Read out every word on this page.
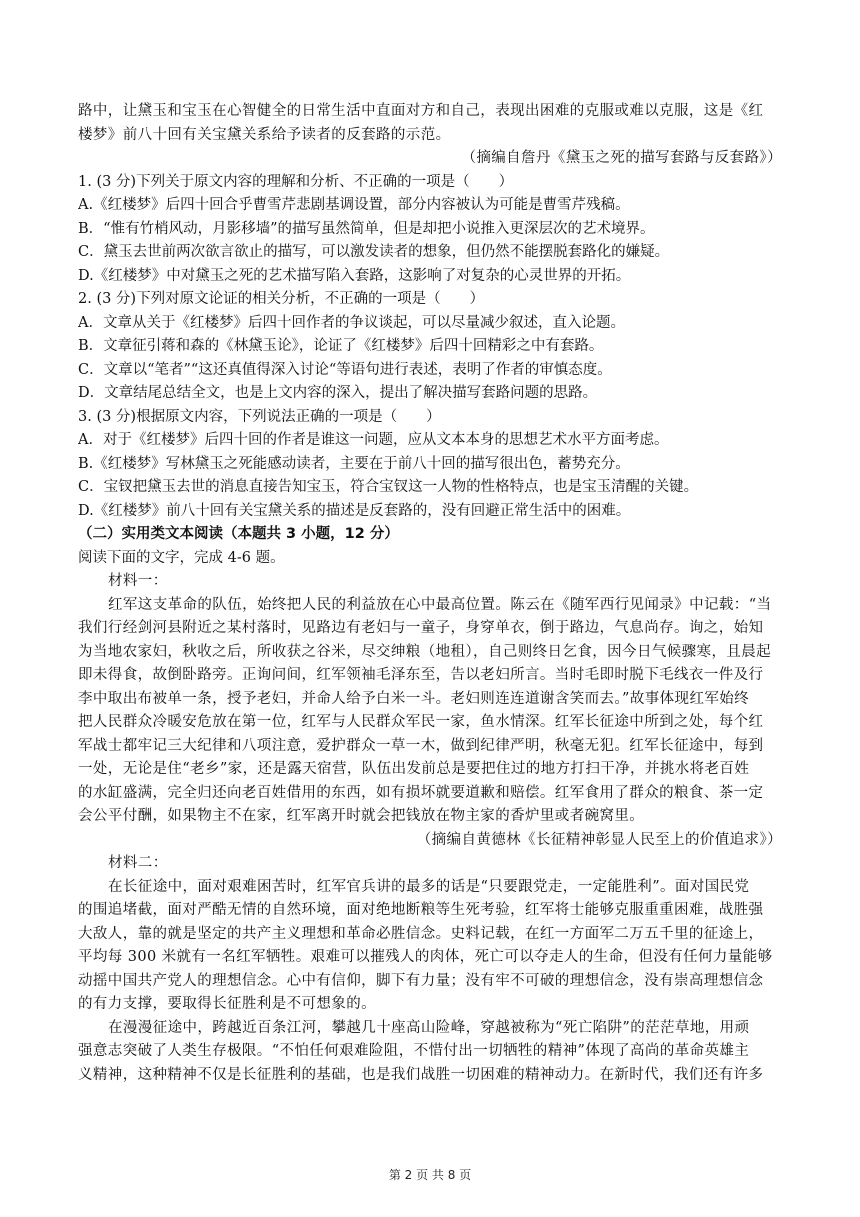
路中，让黛玉和宝玉在心智健全的日常生活中直面对方和自己，表现出困难的克服或难以克服，这是《红
楼梦》前八十回有关宝黛关系给予读者的反套路的示范。
（摘编自詹丹《黛玉之死的描写套路与反套路》）
1. (3 分)下列关于原文内容的理解和分析、不正确的一项是（　　）
A.《红楼梦》后四十回合乎曹雪芹悲剧基调设置，部分内容被认为可能是曹雪芹残稿。
B．“惟有竹梢风动，月影移墙”的描写虽然简单，但是却把小说推入更深层次的艺术境界。
C．黛玉去世前两次欲言欲止的描写，可以激发读者的想象，但仍然不能摆脱套路化的嫌疑。
D.《红楼梦》中对黛玉之死的艺术描写陷入套路，这影响了对复杂的心灵世界的开拓。
2. (3 分)下列对原文论证的相关分析，不正确的一项是（　　）
A．文章从关于《红楼梦》后四十回作者的争议谈起，可以尽量减少叙述，直入论题。
B．文章征引蒋和森的《林黛玉论》，论证了《红楼梦》后四十回精彩之中有套路。
C．文章以“笔者”“这还真值得深入讨论“等语句进行表述，表明了作者的审慎态度。
D．文章结尾总结全文，也是上文内容的深入，提出了解决描写套路问题的思路。
3. (3 分)根据原文内容，下列说法正确的一项是（　　）
A．对于《红楼梦》后四十回的作者是谁这一问题，应从文本本身的思想艺术水平方面考虑。
B.《红楼梦》写林黛玉之死能感动读者，主要在于前八十回的描写很出色，蓄势充分。
C．宝钗把黛玉去世的消息直接告知宝玉，符合宝钗这一人物的性格特点，也是宝玉清醒的关键。
D.《红楼梦》前八十回有关宝黛关系的描述是反套路的，没有回避正常生活中的困难。
（二）实用类文本阅读（本题共 3 小题，12 分）
阅读下面的文字，完成 4-6 题。
材料一：
红军这支革命的队伍，始终把人民的利益放在心中最高位置。陈云在《随军西行见闻录》中记载：“当
我们行经剑河县附近之某村落时，见路边有老妇与一童子，身穿单衣，倒于路边，气息尚存。询之，始知
为当地农家妇，秋收之后，所收获之谷米，尽交绅粮（地租），自己则终日乞食，因今日气候骤寒，且晨起
即未得食，故倒卧路旁。正询问间，红军领袖毛泽东至，告以老妇所言。当时毛即时脱下毛线衣一件及行
李中取出布被单一条，授予老妇，并命人给予白米一斗。老妇则连连道谢含笑而去。”故事体现红军始终
把人民群众冷暖安危放在第一位，红军与人民群众军民一家，鱼水情深。红军长征途中所到之处，每个红
军战士都牢记三大纪律和八项注意，爱护群众一草一木，做到纪律严明，秋毫无犯。红军长征途中，每到
一处，无论是住“老乡”家，还是露天宿营，队伍出发前总是要把住过的地方打扫干净，并挑水将老百姓
的水缸盛满，完全归还向老百姓借用的东西，如有损坏就要道歉和赔偿。红军食用了群众的粮食、茶一定
会公平付酬，如果物主不在家，红军离开时就会把钱放在物主家的香炉里或者碗窝里。
（摘编自黄德林《长征精神彰显人民至上的价值追求》）
材料二：
在长征途中，面对艰难困苦时，红军官兵讲的最多的话是“只要跟党走，一定能胜利”。面对国民党
的围追堵截，面对严酷无情的自然环境，面对绝地断粮等生死考验，红军将士能够克服重重困难，战胜强
大敌人，靠的就是坚定的共产主义理想和革命必胜信念。史料记载，在红一方面军二万五千里的征途上，
平均每 300 米就有一名红军牺牲。艰难可以摧残人的肉体，死亡可以夺走人的生命，但没有任何力量能够
动摇中国共产党人的理想信念。心中有信仰，脚下有力量；没有牢不可破的理想信念，没有崇高理想信念
的有力支撑，要取得长征胜利是不可想象的。
在漫漫征途中，跨越近百条江河，攀越几十座高山险峰，穿越被称为“死亡陷阱”的茫茫草地，用顽
强意志突破了人类生存极限。“不怕任何艰难险阻，不惜付出一切牺牲的精神”体现了高尚的革命英雄主
义精神，这种精神不仅是长征胜利的基础，也是我们战胜一切困难的精神动力。在新时代，我们还有许多
第 2 页 共 8 页
